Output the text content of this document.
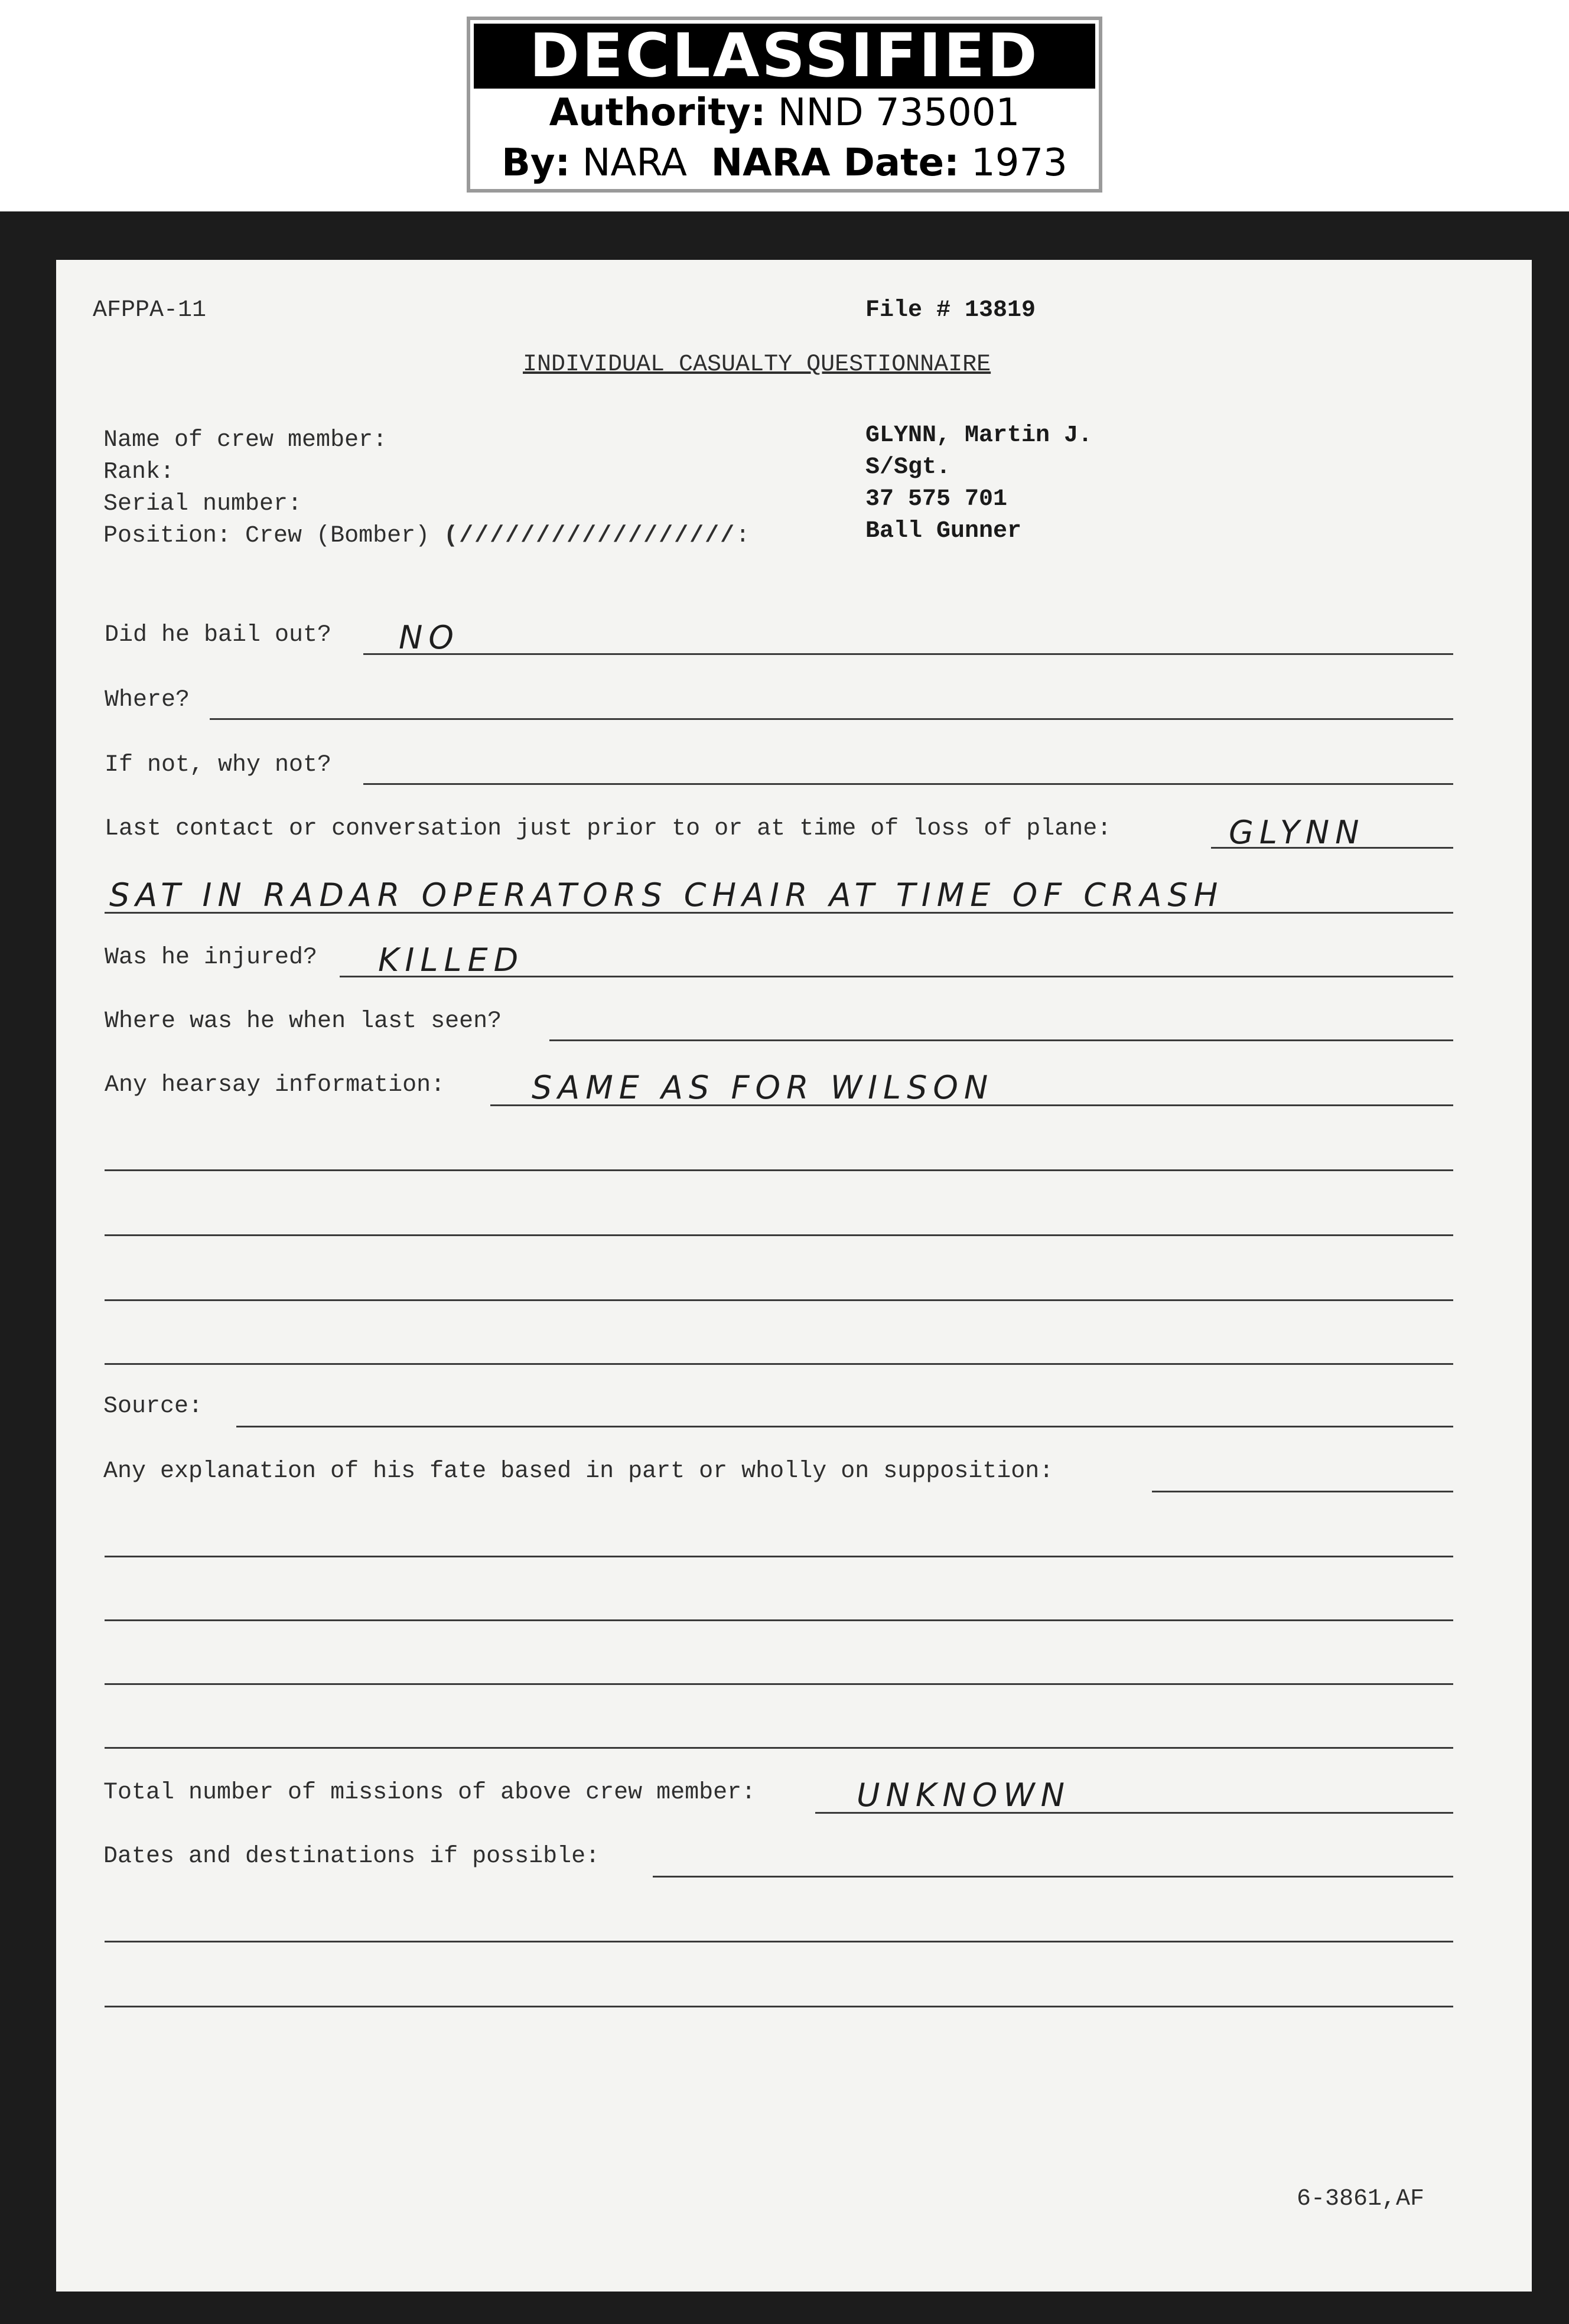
DECLASSIFIED
Authority: NND 735001
By: NARA NARA Date: 1973
AFPPA-11	File # 13819
INDIVIDUAL CASUALTY QUESTIONNAIRE
Name of crew member:	GLYNN, Martin J.
Rank:	S/Sgt.
Serial number:	37 575 701
Position: Crew (Bomber) (//////////////////:	Ball Gunner
Did he bail out? NO
Where?
If not, why not?
Last contact or conversation just prior to or at time of loss of plane:	GLYNN
SAT IN RADAR OPERATORS CHAIR AT TIME OF CRASH
Was he injured? KILLED
Where was he when last seen?
Any hearsay information:	SAME AS FOR WILSON
Source:
Any explanation of his fate based in part or wholly on supposition:
Total number of missions of above crew member:	UNKNOWN
Dates and destinations if possible:
6-3861,AF
